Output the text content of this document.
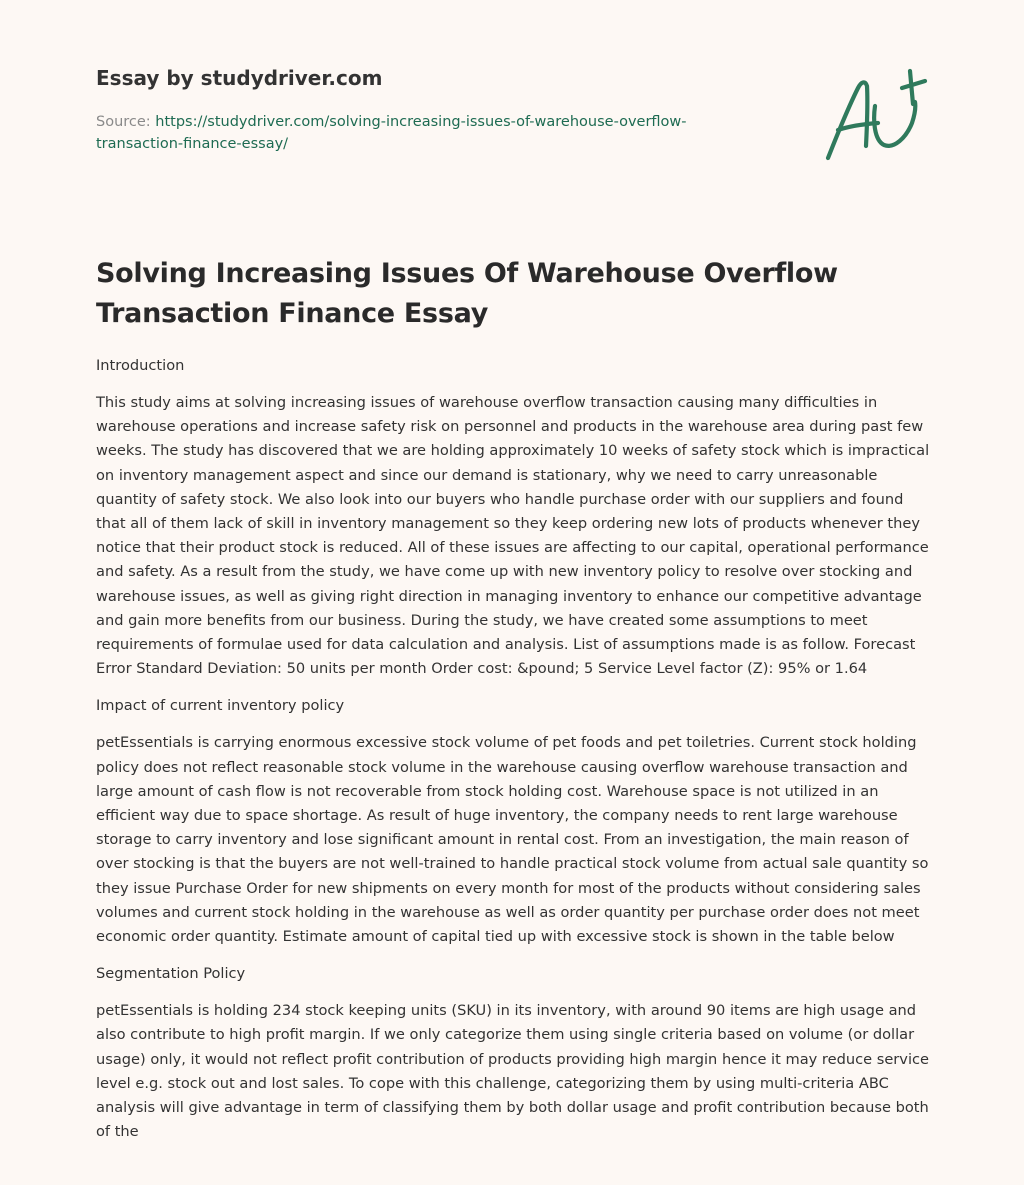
Essay by studydriver.com
Source: https://studydriver.com/solving-increasing-issues-of-warehouse-overflow-transaction-finance-essay/
Solving Increasing Issues Of Warehouse Overflow Transaction Finance Essay
Introduction

This study aims at solving increasing issues of warehouse overflow transaction causing many difficulties in warehouse operations and increase safety risk on personnel and products in the warehouse area during past few weeks. The study has discovered that we are holding approximately 10 weeks of safety stock which is impractical on inventory management aspect and since our demand is stationary, why we need to carry unreasonable quantity of safety stock. We also look into our buyers who handle purchase order with our suppliers and found that all of them lack of skill in inventory management so they keep ordering new lots of products whenever they notice that their product stock is reduced. All of these issues are affecting to our capital, operational performance and safety. As a result from the study, we have come up with new inventory policy to resolve over stocking and warehouse issues, as well as giving right direction in managing inventory to enhance our competitive advantage and gain more benefits from our business. During the study, we have created some assumptions to meet requirements of formulae used for data calculation and analysis. List of assumptions made is as follow. Forecast Error Standard Deviation: 50 units per month Order cost: &pound; 5 Service Level factor (Z): 95% or 1.64

Impact of current inventory policy

petEssentials is carrying enormous excessive stock volume of pet foods and pet toiletries. Current stock holding policy does not reflect reasonable stock volume in the warehouse causing overflow warehouse transaction and large amount of cash flow is not recoverable from stock holding cost. Warehouse space is not utilized in an efficient way due to space shortage. As result of huge inventory, the company needs to rent large warehouse storage to carry inventory and lose significant amount in rental cost. From an investigation, the main reason of over stocking is that the buyers are not well-trained to handle practical stock volume from actual sale quantity so they issue Purchase Order for new shipments on every month for most of the products without considering sales volumes and current stock holding in the warehouse as well as order quantity per purchase order does not meet economic order quantity. Estimate amount of capital tied up with excessive stock is shown in the table below

Segmentation Policy

petEssentials is holding 234 stock keeping units (SKU) in its inventory, with around 90 items are high usage and also contribute to high profit margin. If we only categorize them using single criteria based on volume (or dollar usage) only, it would not reflect profit contribution of products providing high margin hence it may reduce service level e.g. stock out and lost sales. To cope with this challenge, categorizing them by using multi-criteria ABC analysis will give advantage in term of classifying them by both dollar usage and profit contribution because both of the
